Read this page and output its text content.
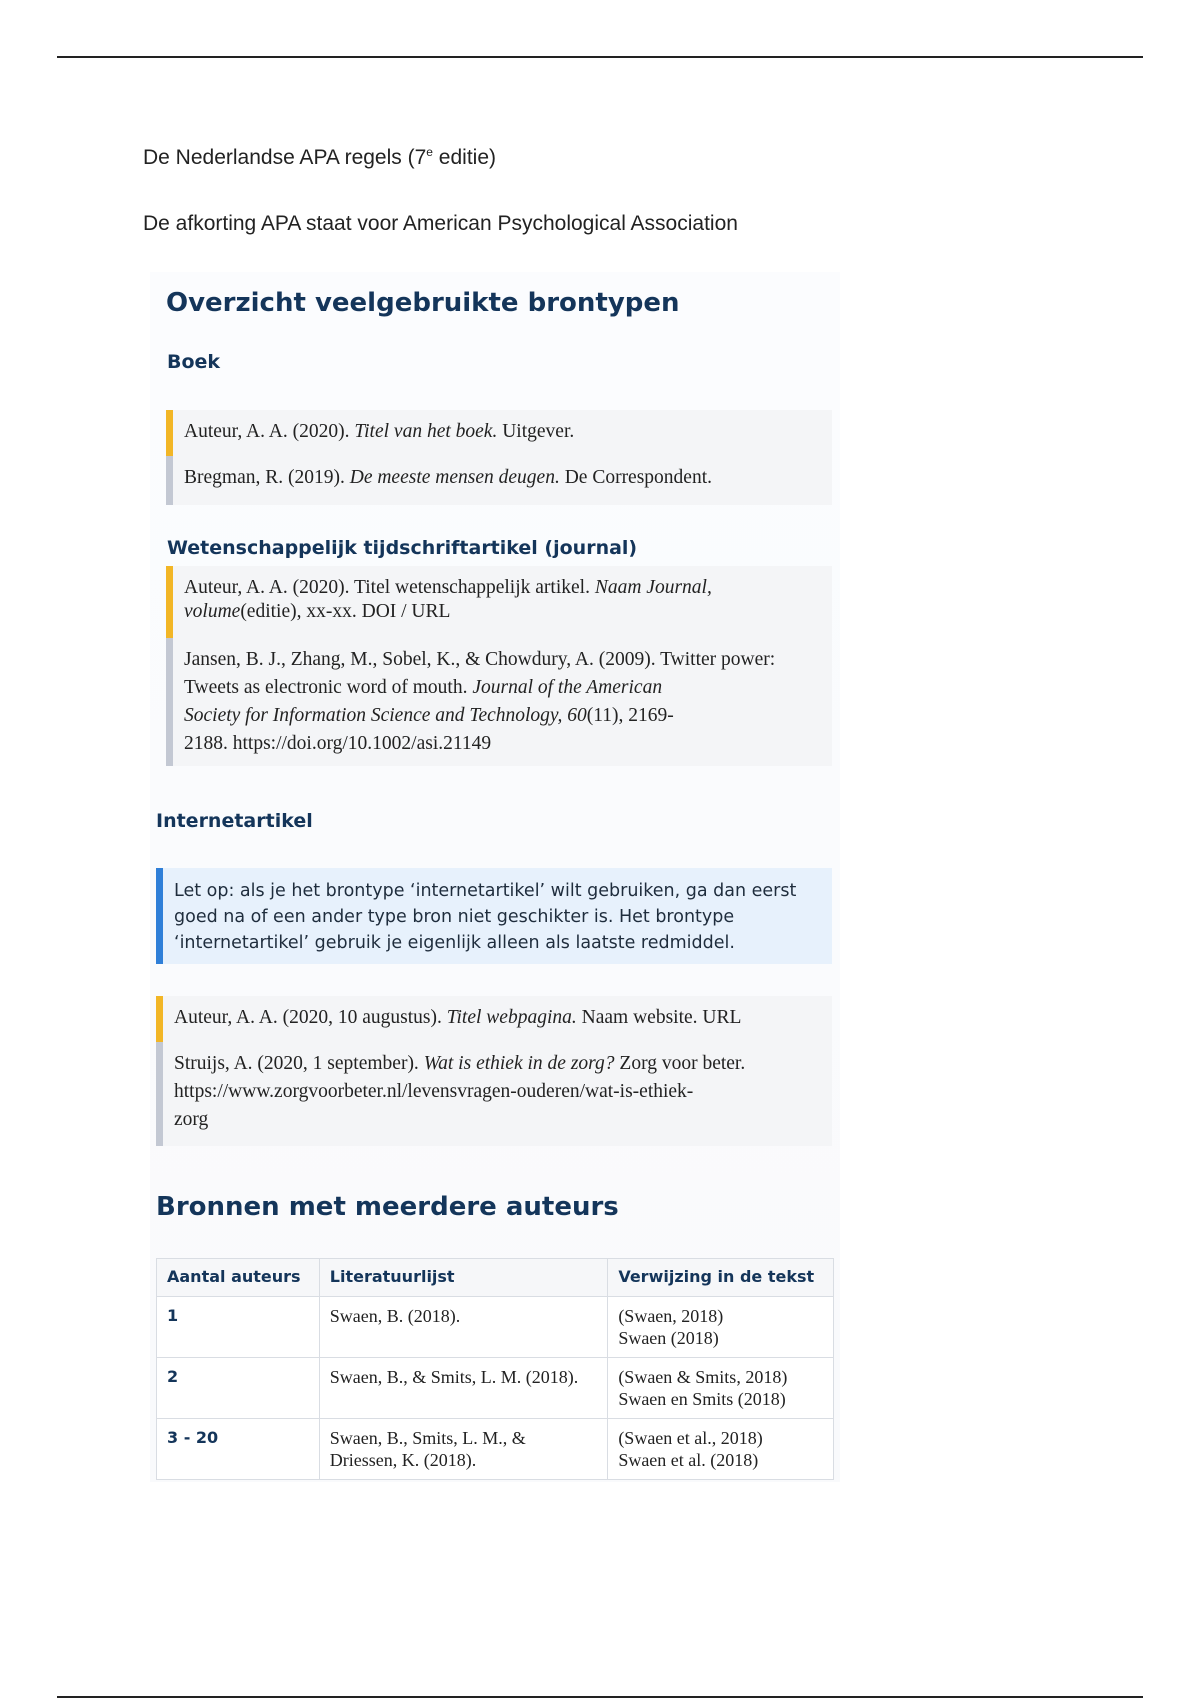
De Nederlandse APA regels (7e editie)
De afkorting APA staat voor American Psychological Association
Overzicht veelgebruikte brontypen
Boek
Auteur, A. A. (2020). Titel van het boek. Uitgever.
Bregman, R. (2019). De meeste mensen deugen. De Correspondent.
Wetenschappelijk tijdschriftartikel (journal)
Auteur, A. A. (2020). Titel wetenschappelijk artikel. Naam Journal,
volume(editie), xx-xx. DOI / URL
Jansen, B. J., Zhang, M., Sobel, K., & Chowdury, A. (2009). Twitter power:
Tweets as electronic word of mouth. Journal of the American
Society for Information Science and Technology, 60(11), 2169-
2188. https://doi.org/10.1002/asi.21149
Internetartikel
Let op: als je het brontype ‘internetartikel’ wilt gebruiken, ga dan eerst
goed na of een ander type bron niet geschikter is. Het brontype
‘internetartikel’ gebruik je eigenlijk alleen als laatste redmiddel.
Auteur, A. A. (2020, 10 augustus). Titel webpagina. Naam website. URL
Struijs, A. (2020, 1 september). Wat is ethiek in de zorg? Zorg voor beter.
https://www.zorgvoorbeter.nl/levensvragen-ouderen/wat-is-ethiek-
zorg
Bronnen met meerdere auteurs
Aantal auteurs	Literatuurlijst	Verwijzing in de tekst
1	Swaen, B. (2018).	(Swaen, 2018)
Swaen (2018)

2	Swaen, B., & Smits, L. M. (2018).	(Swaen & Smits, 2018)
Swaen en Smits (2018)

3 - 20	Swaen, B., Smits, L. M., &
Driessen, K. (2018).	(Swaen et al., 2018)
Swaen et al. (2018)
